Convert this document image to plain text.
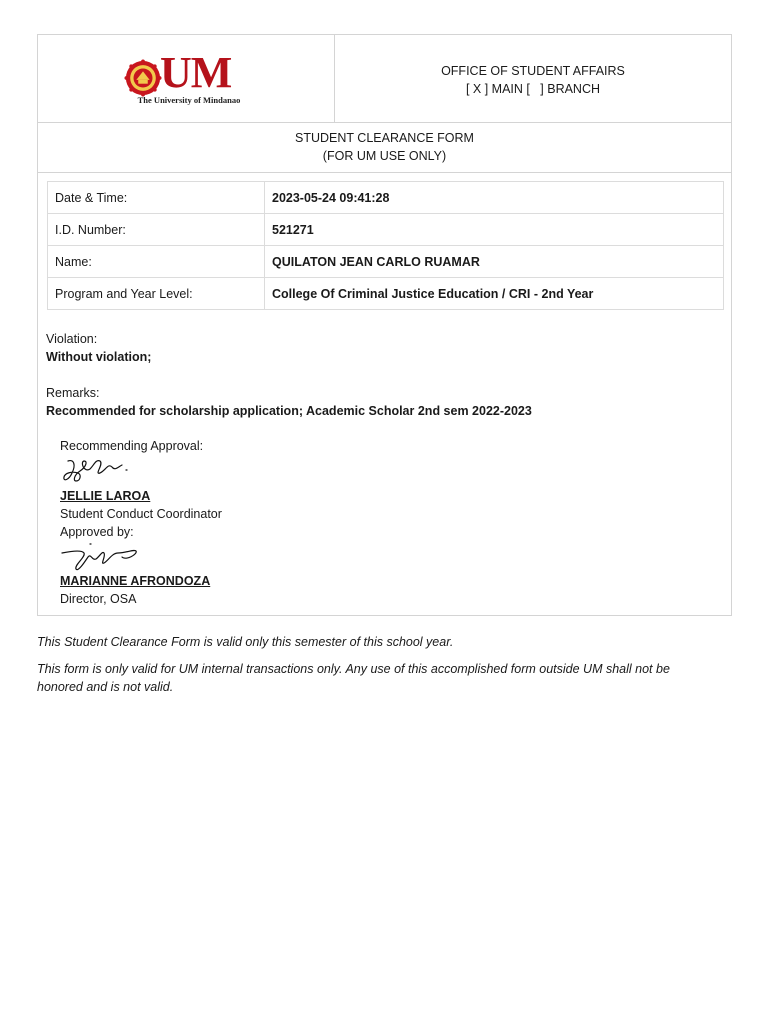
UM
The University of Mindanao
OFFICE OF STUDENT AFFAIRS
[ X ] MAIN [   ] BRANCH
STUDENT CLEARANCE FORM
(FOR UM USE ONLY)
Date & Time:	2023-05-24 09:41:28
I.D. Number:	521271
Name:	QUILATON JEAN CARLO RUAMAR
Program and Year Level:	College Of Criminal Justice Education / CRI - 2nd Year
Violation:
Without violation;
Remarks:
Recommended for scholarship application; Academic Scholar 2nd sem 2022-2023
Recommending Approval:
JELLIE LAROA
Student Conduct Coordinator
Approved by:
MARIANNE AFRONDOZA
Director, OSA
This Student Clearance Form is valid only this semester of this school year.
This form is only valid for UM internal transactions only. Any use of this accomplished form outside UM shall not be honored and is not valid.
